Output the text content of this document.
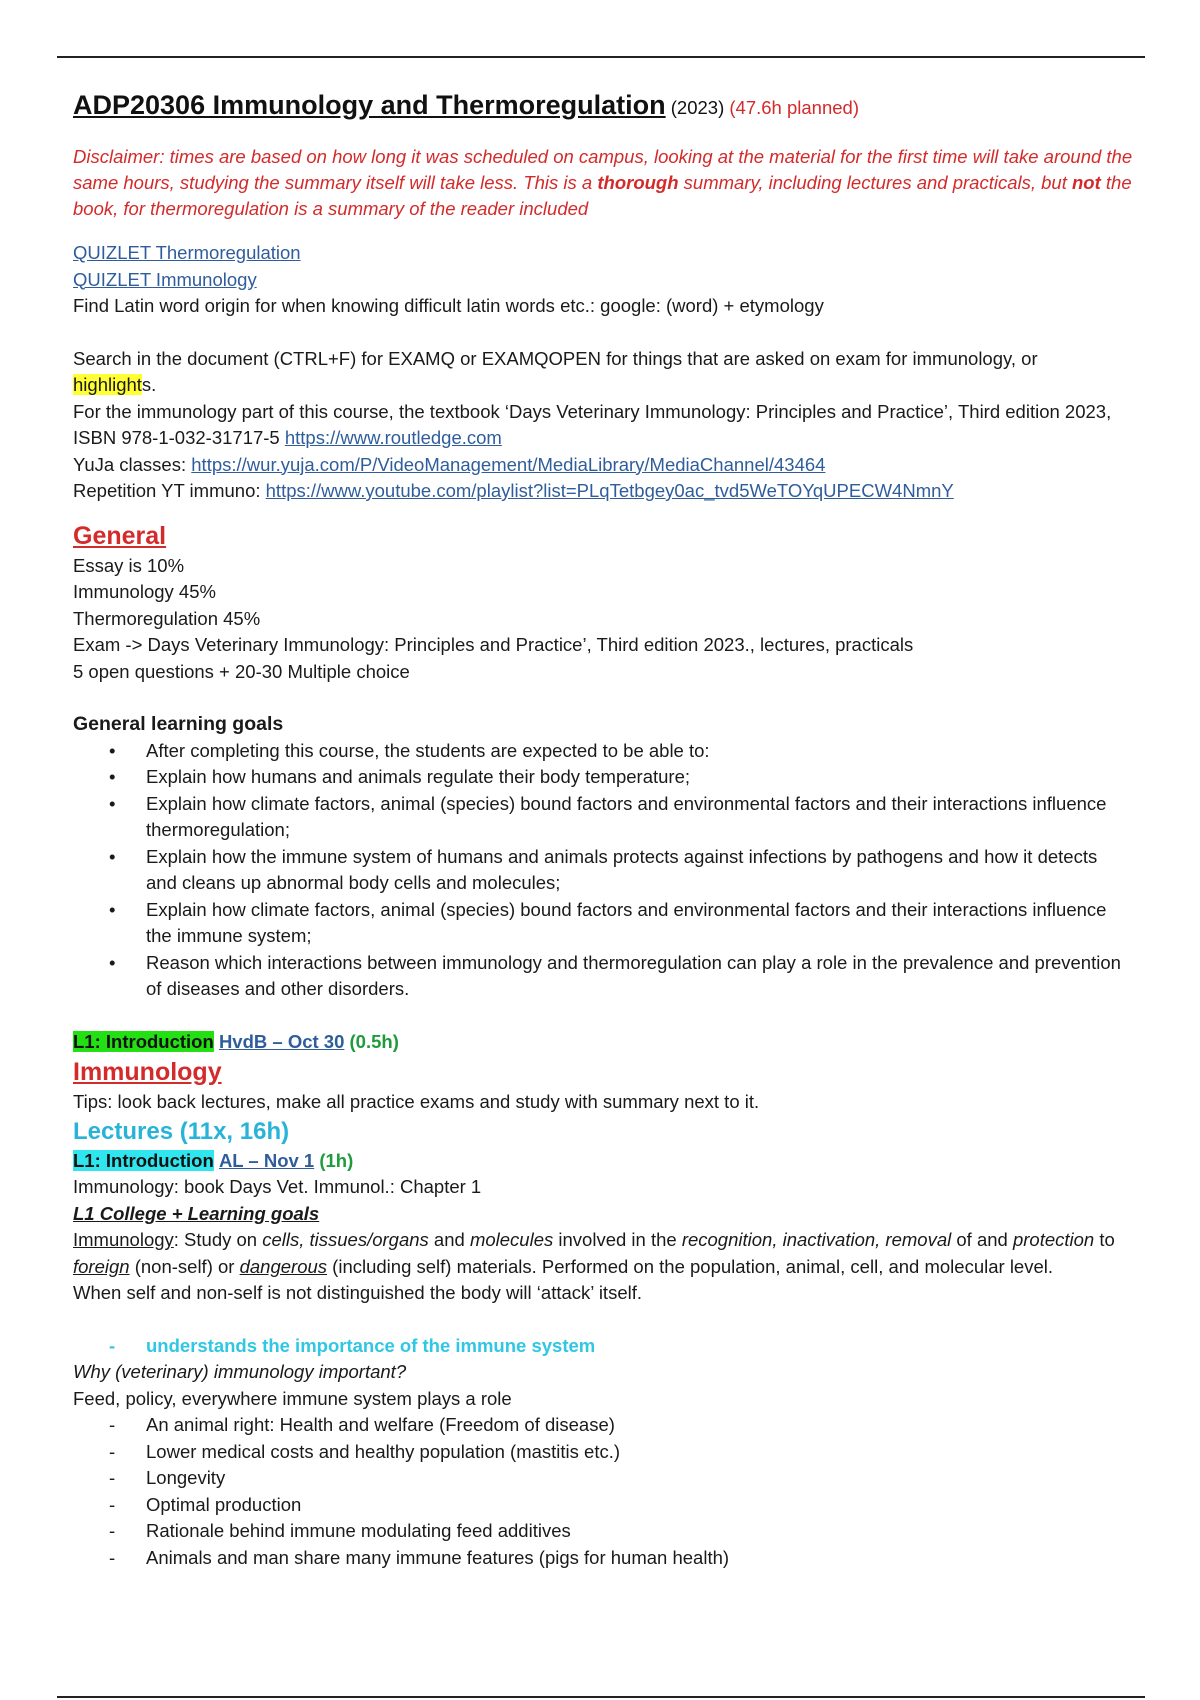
ADP20306 Immunology and Thermoregulation (2023) (47.6h planned)

Disclaimer: times are based on how long it was scheduled on campus, looking at the material for the first time will take around the same hours, studying the summary itself will take less. This is a thorough summary, including lectures and practicals, but not the book, for thermoregulation is a summary of the reader included

QUIZLET Thermoregulation

QUIZLET Immunology

Find Latin word origin for when knowing difficult latin words etc.: google: (word) + etymology

Search in the document (CTRL+F) for EXAMQ or EXAMQOPEN for things that are asked on exam for immunology, or
highlights.

For the immunology part of this course, the textbook ‘Days Veterinary Immunology: Principles and Practice’, Third edition 2023, ISBN 978-1-032-31717-5 https://www.routledge.com

YuJa classes: https://wur.yuja.com/P/VideoManagement/MediaLibrary/MediaChannel/43464

Repetition YT immuno: https://www.youtube.com/playlist?list=PLqTetbgey0ac_tvd5WeTOYqUPECW4NmnY

General

Essay is 10%

Immunology 45%

Thermoregulation 45%

Exam -> Days Veterinary Immunology: Principles and Practice’, Third edition 2023., lectures, practicals

5 open questions + 20-30 Multiple choice

General learning goals

• After completing this course, the students are expected to be able to:
• Explain how humans and animals regulate their body temperature;
• Explain how climate factors, animal (species) bound factors and environmental factors and their interactions influence thermoregulation;
• Explain how the immune system of humans and animals protects against infections by pathogens and how it detects and cleans up abnormal body cells and molecules;
• Explain how climate factors, animal (species) bound factors and environmental factors and their interactions influence the immune system;
• Reason which interactions between immunology and thermoregulation can play a role in the prevalence and prevention of diseases and other disorders.

L1: Introduction HvdB – Oct 30 (0.5h)

Immunology

Tips: look back lectures, make all practice exams and study with summary next to it.

Lectures (11x, 16h)

L1: Introduction AL – Nov 1 (1h)

Immunology: book Days Vet. Immunol.: Chapter 1

L1 College + Learning goals

Immunology: Study on cells, tissues/organs and molecules involved in the recognition, inactivation, removal of and protection to foreign (non-self) or dangerous (including self) materials. Performed on the population, animal, cell, and molecular level.

When self and non-self is not distinguished the body will ‘attack’ itself.

- understands the importance of the immune system

Why (veterinary) immunology important?

Feed, policy, everywhere immune system plays a role

- An animal right: Health and welfare (Freedom of disease)
- Lower medical costs and healthy population (mastitis etc.)
- Longevity
- Optimal production
- Rationale behind immune modulating feed additives
- Animals and man share many immune features (pigs for human health)
